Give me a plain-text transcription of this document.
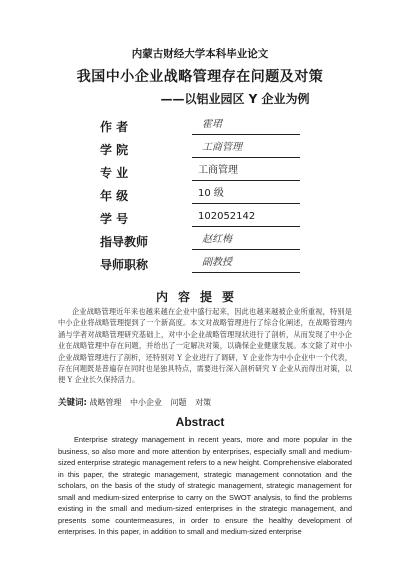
内蒙古财经大学本科毕业论文
我国中小企业战略管理存在问题及对策
——以铝业园区 Y 企业为例
作 者	霍珺
学 院	工商管理
专 业	工商管理
年 级	10 级
学 号	102052142
指导教师	赵红梅
导师职称	副教授
内容提要
企业战略管理近年来也越来越在企业中盛行起来，因此也越来越被企业所重视，特别是中小企业将战略管理提到了一个新高度。本文对战略管理进行了综合化阐述，在战略管理内涵与学者对战略管理研究基础上，对中小企业战略管理现状进行了剖析，从而发现了中小企业在战略管理中存在问题，并给出了一定解决对策，以确保企业健康发展。本文除了对中小企业战略管理进行了剖析，还特别对 Y 企业进行了调研，Y 企业作为中小企业中一个代表，存在问题既是普遍存在同时也是独具特点，需要进行深入剖析研究 Y 企业从而得出对策，以便 Y 企业长久保持活力。
关键词: 战略管理 中小企业 问题 对策
Abstract
Enterprise strategy management in recent years, more and more popular in the business, so also more and more attention by enterprises, especially small and medium-sized enterprise strategic management refers to a new height. Comprehensive elaborated in this paper, the strategic management, strategic management connotation and the scholars, on the basis of the study of strategic management, strategic management for small and medium-sized enterprise to carry on the SWOT analysis, to find the problems existing in the small and medium-sized enterprises in the strategic management, and presents some countermeasures, in order to ensure the healthy development of enterprises. In this paper, in addition to small and medium-sized enterprise
